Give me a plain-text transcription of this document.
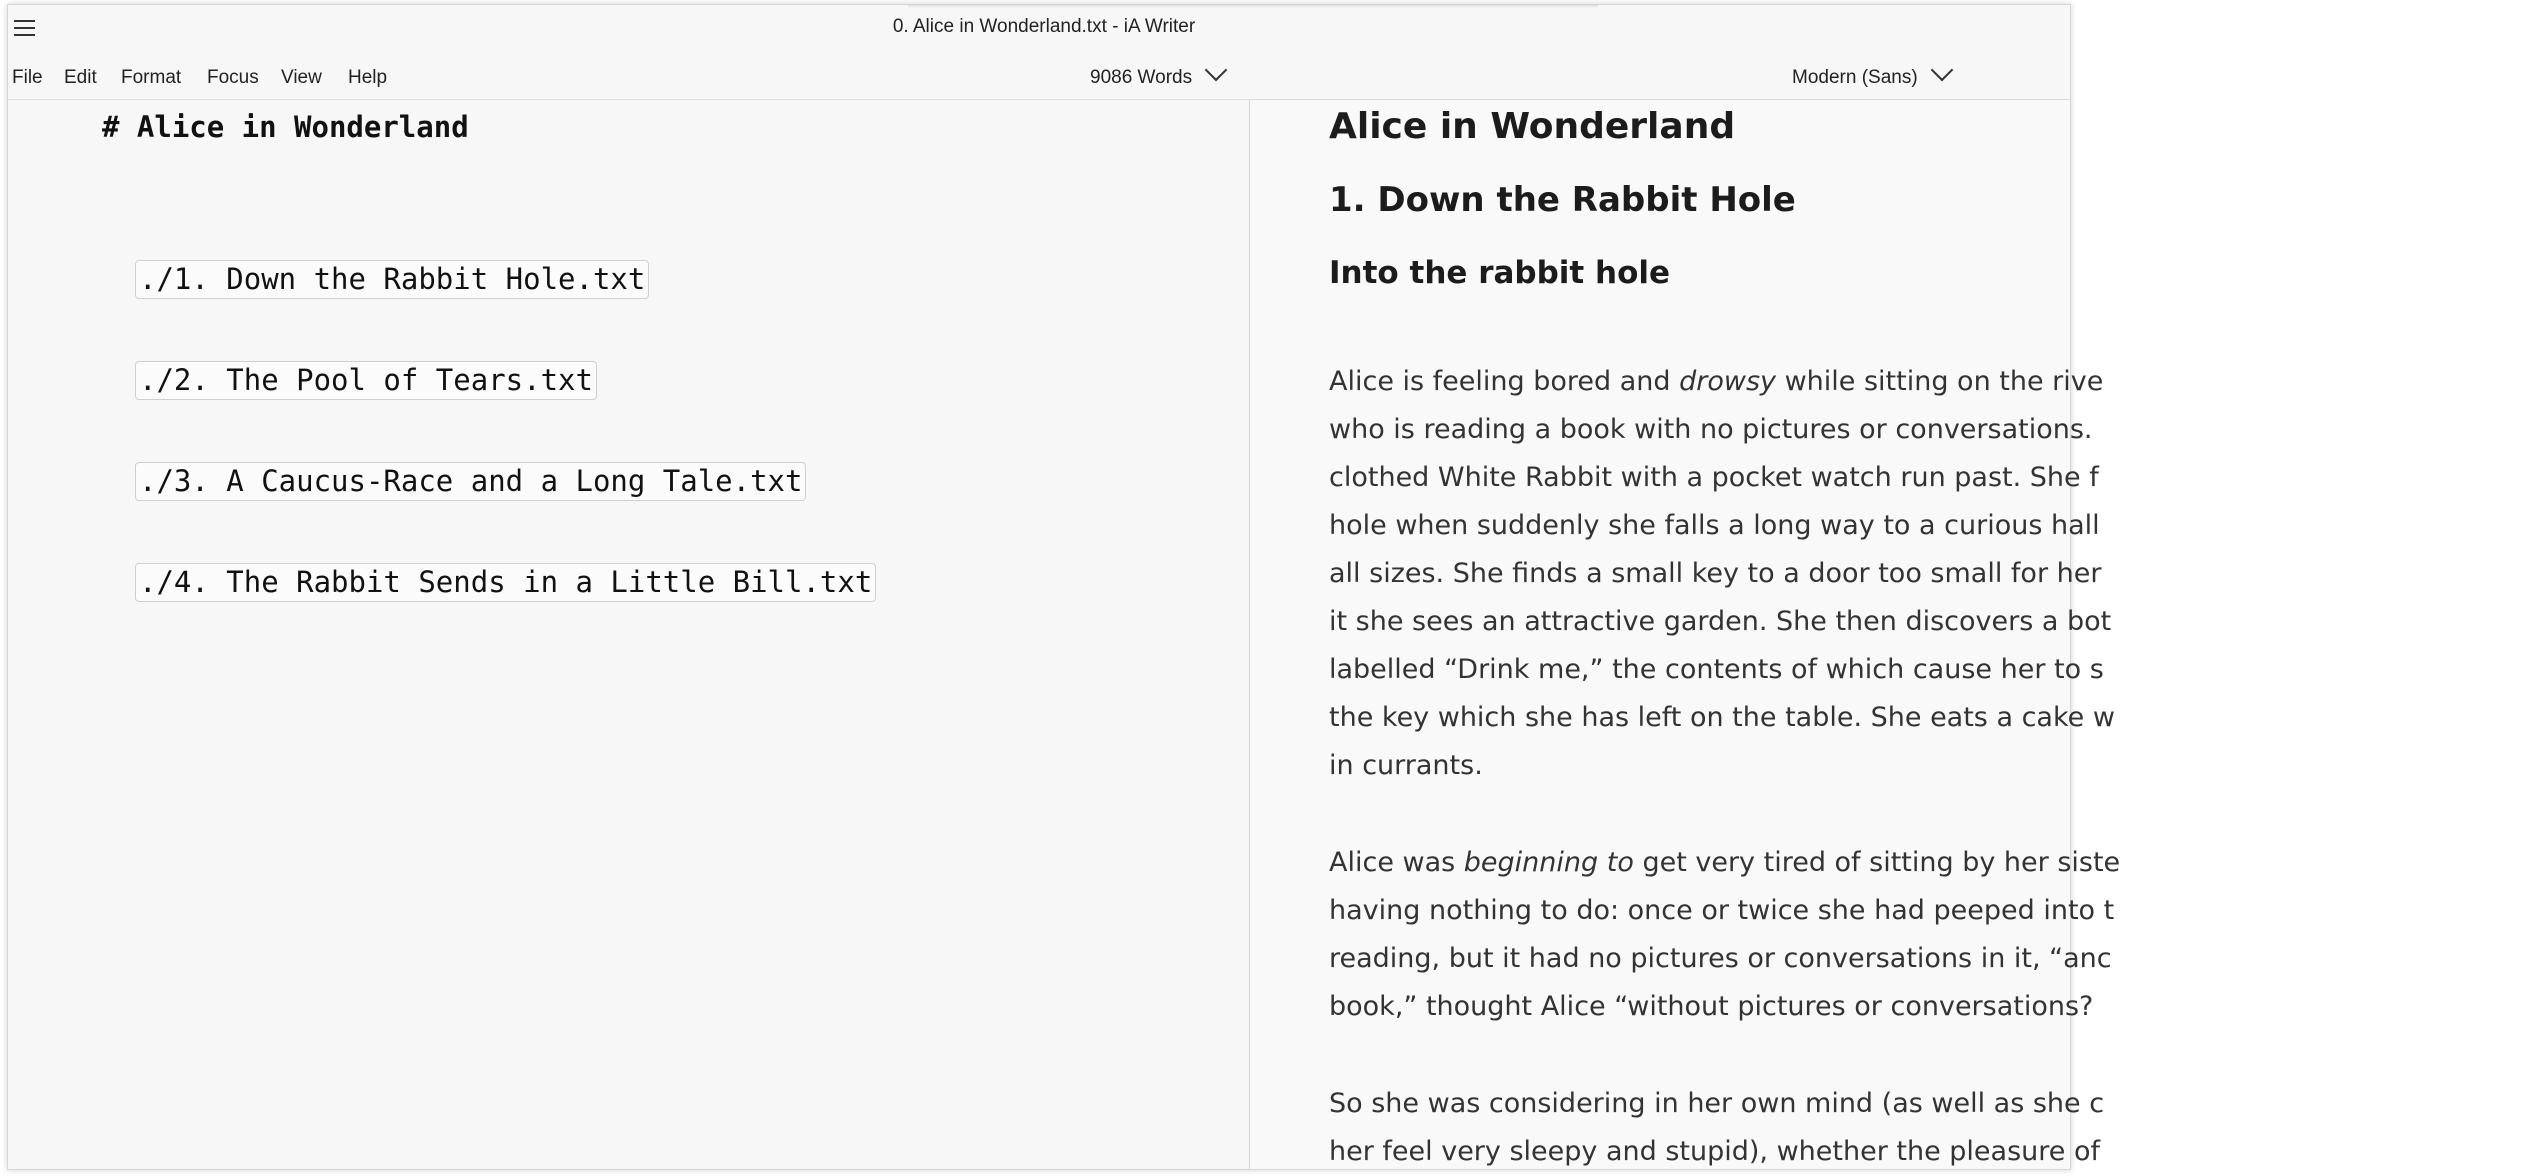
0. Alice in Wonderland.txt - iA Writer
File Edit Format Focus View Help	9086 Words	Modern (Sans)
# Alice in Wonderland
./1. Down the Rabbit Hole.txt
./2. The Pool of Tears.txt
./3. A Caucus-Race and a Long Tale.txt
./4. The Rabbit Sends in a Little Bill.txt
Alice in Wonderland
1. Down the Rabbit Hole
Into the rabbit hole
Alice is feeling bored and drowsy while sitting on the rive
who is reading a book with no pictures or conversations.
clothed White Rabbit with a pocket watch run past. She f
hole when suddenly she falls a long way to a curious hall
all sizes. She finds a small key to a door too small for her
it she sees an attractive garden. She then discovers a bot
labelled “Drink me,” the contents of which cause her to s
the key which she has left on the table. She eats a cake w
in currants.
Alice was beginning to get very tired of sitting by her siste
having nothing to do: once or twice she had peeped into t
reading, but it had no pictures or conversations in it, “anc
book,” thought Alice “without pictures or conversations?
So she was considering in her own mind (as well as she c
her feel very sleepy and stupid), whether the pleasure of
